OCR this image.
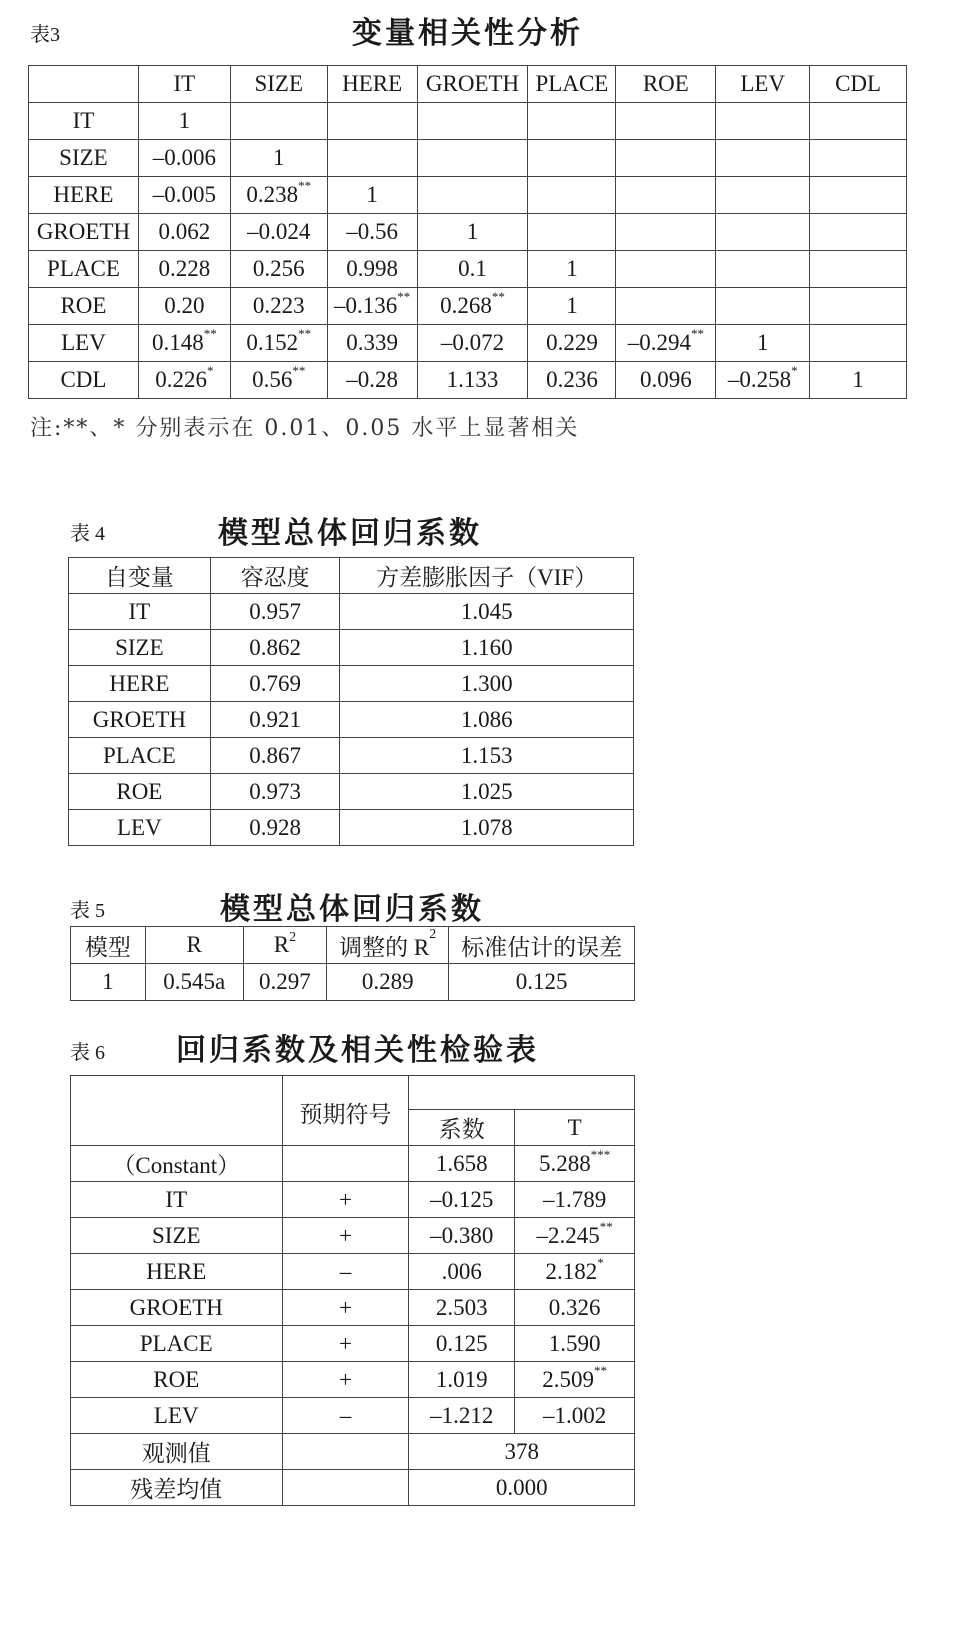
表3	变量相关性分析
	IT	SIZE	HERE	GROETH	PLACE	ROE	LEV	CDL
IT	1							
SIZE	–0.006	1						
HERE	–0.005	0.238**	1					
GROETH	0.062	–0.024	–0.56	1				
PLACE	0.228	0.256	0.998	0.1	1			
ROE	0.20	0.223	–0.136**	0.268**	1			
LEV	0.148**	0.152**	0.339	–0.072	0.229	–0.294**	1	
CDL	0.226*	0.56**	–0.28	1.133	0.236	0.096	–0.258*	1
注:**、* 分别表示在 0.01、0.05 水平上显著相关
表 4	模型总体回归系数
自变量	容忍度	方差膨胀因子（VIF）
IT	0.957	1.045
SIZE	0.862	1.160
HERE	0.769	1.300
GROETH	0.921	1.086
PLACE	0.867	1.153
ROE	0.973	1.025
LEV	0.928	1.078
表 5	模型总体回归系数
模型	R	$R^2$	调整的 $R^2$	标准估计的误差
1	0.545a	0.297	0.289	0.125
表 6 回归系数及相关性检验表
	预期符号		
		系数	T
（Constant）		1.658	5.288***
IT	+	–0.125	–1.789
SIZE	+	–0.380	–2.245**
HERE	–	.006	2.182*
GROETH	+	2.503	0.326
PLACE	+	0.125	1.590
ROE	+	1.019	2.509**
LEV	–	–1.212	–1.002
观测值		378	
残差均值		0.000	
